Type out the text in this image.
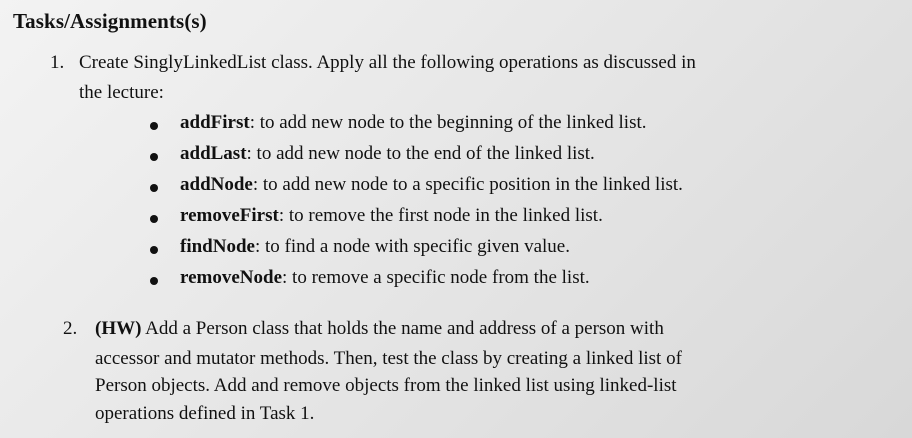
Tasks/Assignments(s)
1. Create SinglyLinkedList class. Apply all the following operations as discussed in
the lecture:
addFirst: to add new node to the beginning of the linked list.
addLast: to add new node to the end of the linked list.
addNode: to add new node to a specific position in the linked list.
removeFirst: to remove the first node in the linked list.
findNode: to find a node with specific given value.
removeNode: to remove a specific node from the list.
2. (HW) Add a Person class that holds the name and address of a person with
accessor and mutator methods. Then, test the class by creating a linked list of
Person objects. Add and remove objects from the linked list using linked-list
operations defined in Task 1.
